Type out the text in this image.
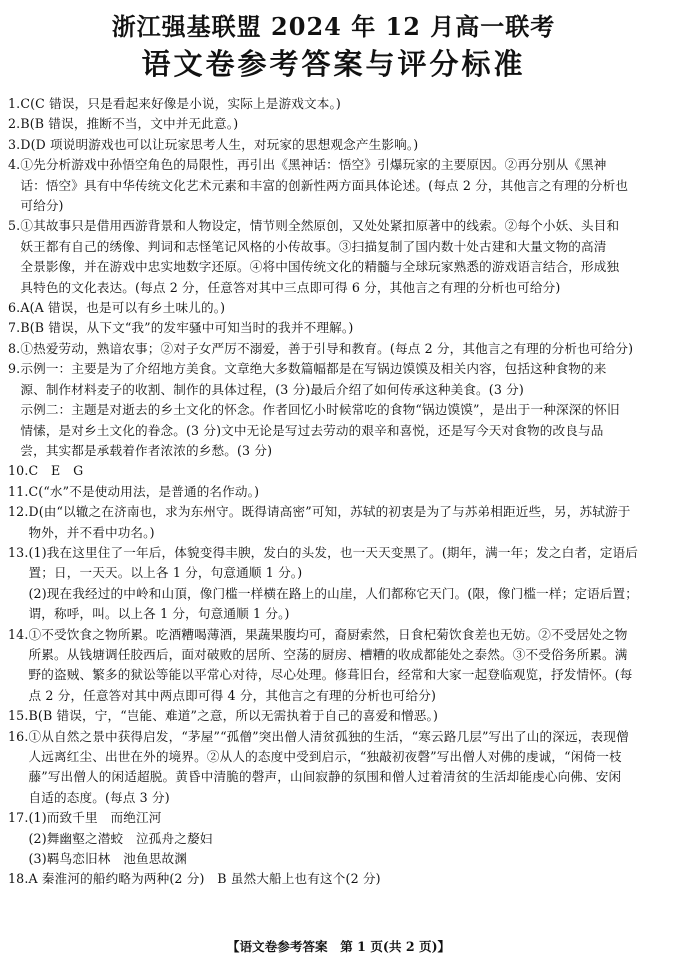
浙江强基联盟 2024 年 12 月高一联考
语文卷参考答案与评分标准
1. C(C 错误，只是看起来好像是小说，实际上是游戏文本。)
2. B(B 错误，推断不当，文中并无此意。)
3. D(D 项说明游戏也可以让玩家思考人生，对玩家的思想观念产生影响。)
4. ①先分析游戏中孙悟空角色的局限性，再引出《黑神话：悟空》引爆玩家的主要原因。②再分别从《黑神
话：悟空》具有中华传统文化艺术元素和丰富的创新性两方面具体论述。(每点 2 分，其他言之有理的分析也
可给分)
5. ①其故事只是借用西游背景和人物设定，情节则全然原创，又处处紧扣原著中的线索。②每个小妖、头目和
妖王都有自己的绣像、判词和志怪笔记风格的小传故事。③扫描复制了国内数十处古建和大量文物的高清
全景影像，并在游戏中忠实地数字还原。④将中国传统文化的精髓与全球玩家熟悉的游戏语言结合，形成独
具特色的文化表达。(每点 2 分，任意答对其中三点即可得 6 分，其他言之有理的分析也可给分)
6. A(A 错误，也是可以有乡土味儿的。)
7. B(B 错误，从下文“我”的发牢骚中可知当时的我并不理解。)
8. ①热爱劳动，熟谙农事；②对子女严厉不溺爱，善于引导和教育。(每点 2 分，其他言之有理的分析也可给分)
9. 示例一：主要是为了介绍地方美食。文章绝大多数篇幅都是在写锅边馍馍及相关内容，包括这种食物的来
源、制作材料麦子的收割、制作的具体过程，(3 分)最后介绍了如何传承这种美食。(3 分)
示例二：主题是对逝去的乡土文化的怀念。作者回忆小时候常吃的食物“锅边馍馍”，是出于一种深深的怀旧
情愫，是对乡土文化的眷念。(3 分)文中无论是写过去劳动的艰辛和喜悦，还是写今天对食物的改良与品
尝，其实都是承载着作者浓浓的乡愁。(3 分)
10. C　E　G
11. C(“水”不是使动用法，是普通的名作动。)
12. D(由“以辙之在济南也，求为东州守。既得请高密”可知，苏轼的初衷是为了与苏弟相距近些，另，苏轼游于
物外，并不看中功名。)
13. (1)我在这里住了一年后，体貌变得丰腴，发白的头发，也一天天变黑了。(期年，满一年；发之白者，定语后
置；日，一天天。以上各 1 分，句意通顺 1 分。)
(2)现在我经过的中岭和山頂，像门槛一样横在路上的山崖，人们都称它天门。(限，像门槛一样；定语后置；
谓，称呼，叫。以上各 1 分，句意通顺 1 分。)
14. ①不受饮食之物所累。吃酒糟喝薄酒，果蔬果腹均可，裔厨索然，日食杞菊饮食差也无妨。②不受居处之物
所累。从钱塘调任胶西后，面对破败的居所、空荡的厨房、槽糟的收成都能处之泰然。③不受俗务所累。满
野的盗贼、繁多的狱讼等能以平常心对待，尽心处理。修葺旧台，经常和大家一起登临观览，抒发情怀。(每
点 2 分，任意答对其中两点即可得 4 分，其他言之有理的分析也可给分)
15. B(B 错误，宁，“岂能、难道”之意，所以无需执着于自己的喜爱和憎恶。)
16. ①从自然之景中获得启发，“茅屋”“孤僧”突出僧人清贫孤独的生活，“寒云路几层”写出了山的深远，表现僧
人远离红尘、出世在外的境界。②从人的态度中受到启示，“独敲初夜磬”写出僧人对佛的虔诚，“闲倚一枝
藤”写出僧人的闲适超脱。黄昏中清脆的磬声，山间寂静的氛围和僧人过着清贫的生活却能虔心向佛、安闲
自适的态度。(每点 3 分)
17. (1)而致千里　而绝江河
(2)舞幽壑之潜蛟　泣孤舟之嫠妇
(3)羁鸟恋旧林　池鱼思故渊
18. A 秦淮河的船约略为两种(2 分)　B 虽然大船上也有这个(2 分)
【语文卷参考答案　第 1 页(共 2 页)】
